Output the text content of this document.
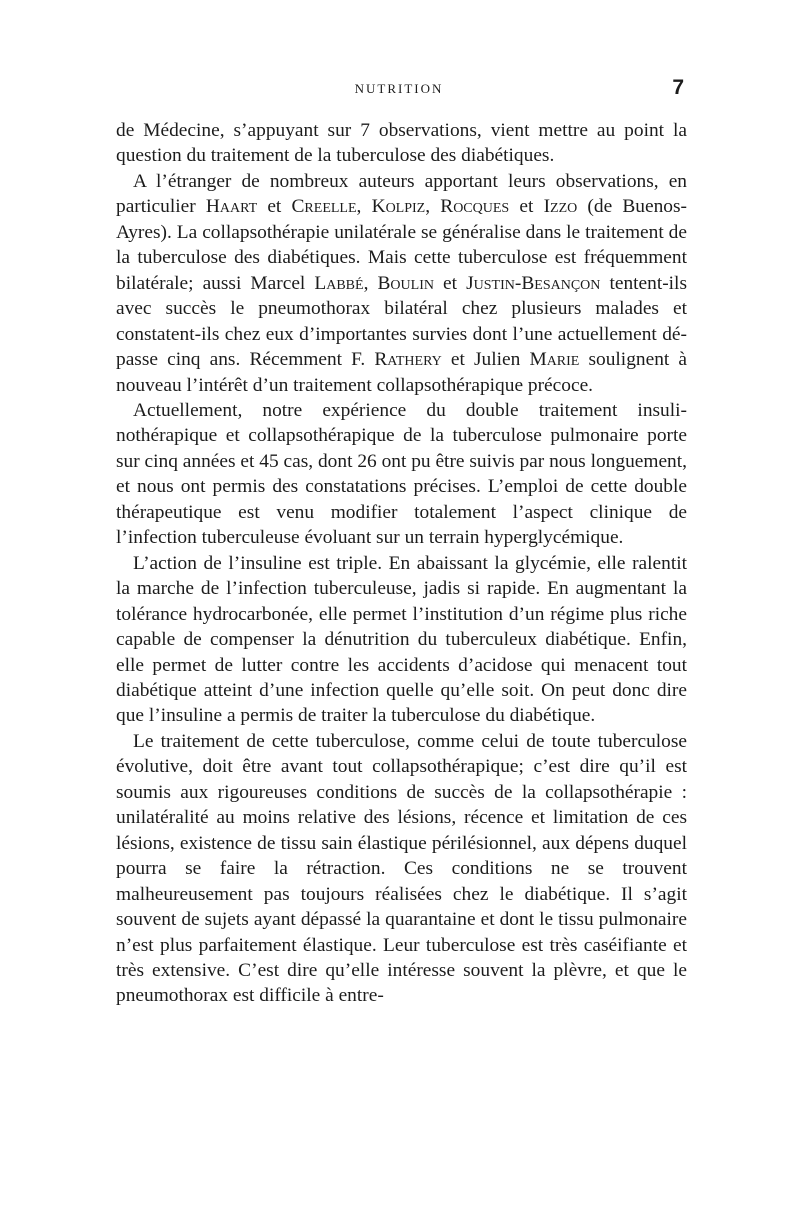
NUTRITION	7

de Médecine, s’appuyant sur 7 observations, vient mettre au point la question du traitement de la tuberculose des diabétiques.

A l’étranger de nombreux auteurs apportant leurs observations, en particulier Haart et Creelle, Kolpiz, Rocques et Izzo (de Buenos-Ayres). La collapsothérapie unilatérale se généralise dans le traitement de la tuberculose des diabétiques. Mais cette tuberculose est fréquemment bilatérale; aussi Marcel Labbé, Boulin et Justin-Besançon tentent-ils avec succès le pneumothorax bilatéral chez plusieurs malades et constatent-ils chez eux d’importantes survies dont l’une actuellement dépasse cinq ans. Récemment F. Rathery et Julien Marie soulignent à nouveau l’intérêt d’un traitement collapsothérapique précoce.

Actuellement, notre expérience du double traitement insulinothérapique et collapsothérapique de la tuberculose pulmonaire porte sur cinq années et 45 cas, dont 26 ont pu être suivis par nous longuement, et nous ont permis des constatations précises. L’emploi de cette double thérapeutique est venu modifier totalement l’aspect clinique de l’infection tuberculeuse évoluant sur un terrain hyperglycémique.

L’action de l’insuline est triple. En abaissant la glycémie, elle ralentit la marche de l’infection tuberculeuse, jadis si rapide. En augmentant la tolérance hydrocarbonée, elle permet l’institution d’un régime plus riche capable de compenser la dénutrition du tuberculeux diabétique. Enfin, elle permet de lutter contre les accidents d’acidose qui menacent tout diabétique atteint d’une infection quelle qu’elle soit. On peut donc dire que l’insuline a permis de traiter la tuberculose du diabétique.

Le traitement de cette tuberculose, comme celui de toute tuberculose évolutive, doit être avant tout collapsothérapique; c’est dire qu’il est soumis aux rigoureuses conditions de succès de la collapsothérapie : unilatéralité au moins relative des lésions, récence et limitation de ces lésions, existence de tissu sain élastique périlésionnel, aux dépens duquel pourra se faire la rétraction. Ces conditions ne se trouvent malheureusement pas toujours réalisées chez le diabétique. Il s’agit souvent de sujets ayant dépassé la quarantaine et dont le tissu pulmonaire n’est plus parfaitement élastique. Leur tuberculose est très caséifiante et très extensive. C’est dire qu’elle intéresse souvent la plèvre, et que le pneumothorax est difficile à entre-
